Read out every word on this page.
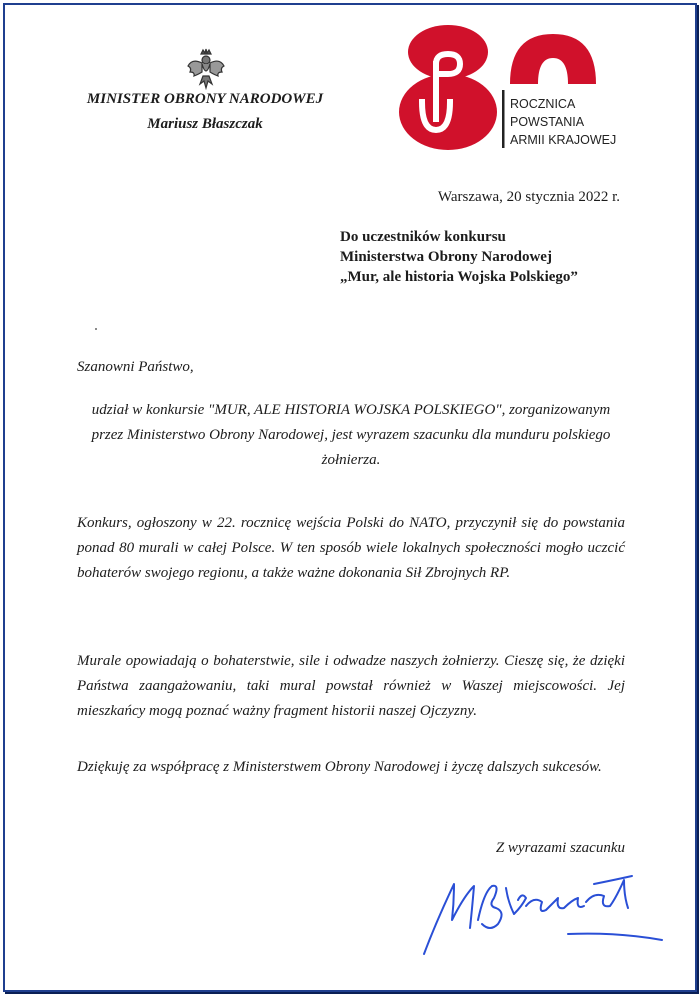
MINISTER OBRONY NARODOWEJ
Mariusz Błaszczak
ROCZNICA
POWSTANIA
ARMII KRAJOWEJ
80
Warszawa, 20 stycznia 2022 r.
Do uczestników konkursu
Ministerstwa Obrony Narodowej
„Mur, ale historia Wojska Polskiego”
Szanowni Państwo,
udział w konkursie "MUR, ALE HISTORIA WOJSKA POLSKIEGO", zorganizowanym przez Ministerstwo Obrony Narodowej, jest wyrazem szacunku dla munduru polskiego żołnierza.
Konkurs, ogłoszony w 22. rocznicę wejścia Polski do NATO, przyczynił się do powstania ponad 80 murali w całej Polsce. W ten sposób wiele lokalnych społeczności mogło uczcić bohaterów swojego regionu, a także ważne dokonania Sił Zbrojnych RP.
Murale opowiadają o bohaterstwie, sile i odwadze naszych żołnierzy. Cieszę się, że dzięki Państwa zaangażowaniu, taki mural powstał również w Waszej miejscowości. Jej mieszkańcy mogą poznać ważny fragment historii naszej Ojczyzny.
Dziękuję za współpracę z Ministerstwem Obrony Narodowej i życzę dalszych sukcesów.
Z wyrazami szacunku
